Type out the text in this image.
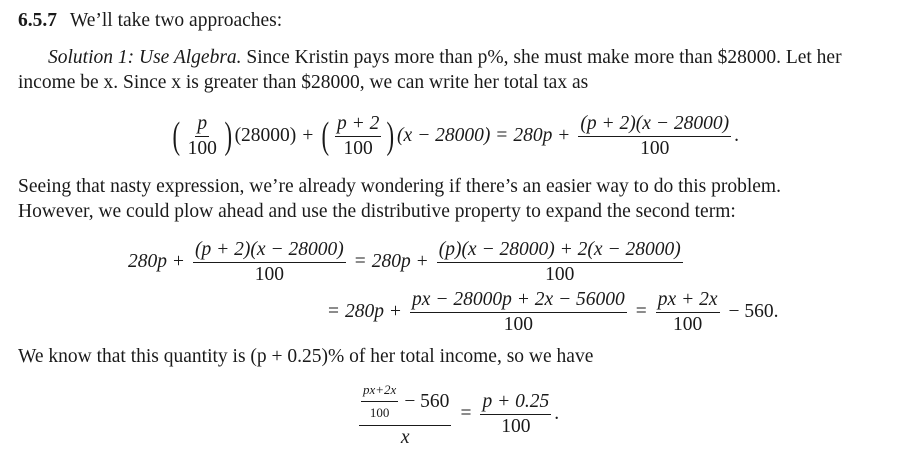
6.5.7 We’ll take two approaches:
Solution 1: Use Algebra. Since Kristin pays more than p%, she must make more than $28000. Let her
income be x. Since x is greater than $28000, we can write her total tax as
( $\frac{p}{100}$ ) (28000) + ( $\frac{p + 2}{100}$ ) $(x - 28000) = 280p + \frac{(p + 2)(x - 28000)}{100}$ .
Seeing that nasty expression, we’re already wondering if there’s an easier way to do this problem.
However, we could plow ahead and use the distributive property to expand the second term:
$280p + \frac{(p + 2)(x - 28000)}{100} = 280p + \frac{(p)(x - 28000) + 2(x - 28000)}{100}$
= $280p + \frac{px - 28000p + 2x - 56000}{100} = \frac{px + 2x}{100} - 560$.
We know that this quantity is (p + 0.25)% of her total income, so we have
$\frac{\frac{px+2x}{100} - 560}{x} = \frac{p + 0.25}{100}$ .
